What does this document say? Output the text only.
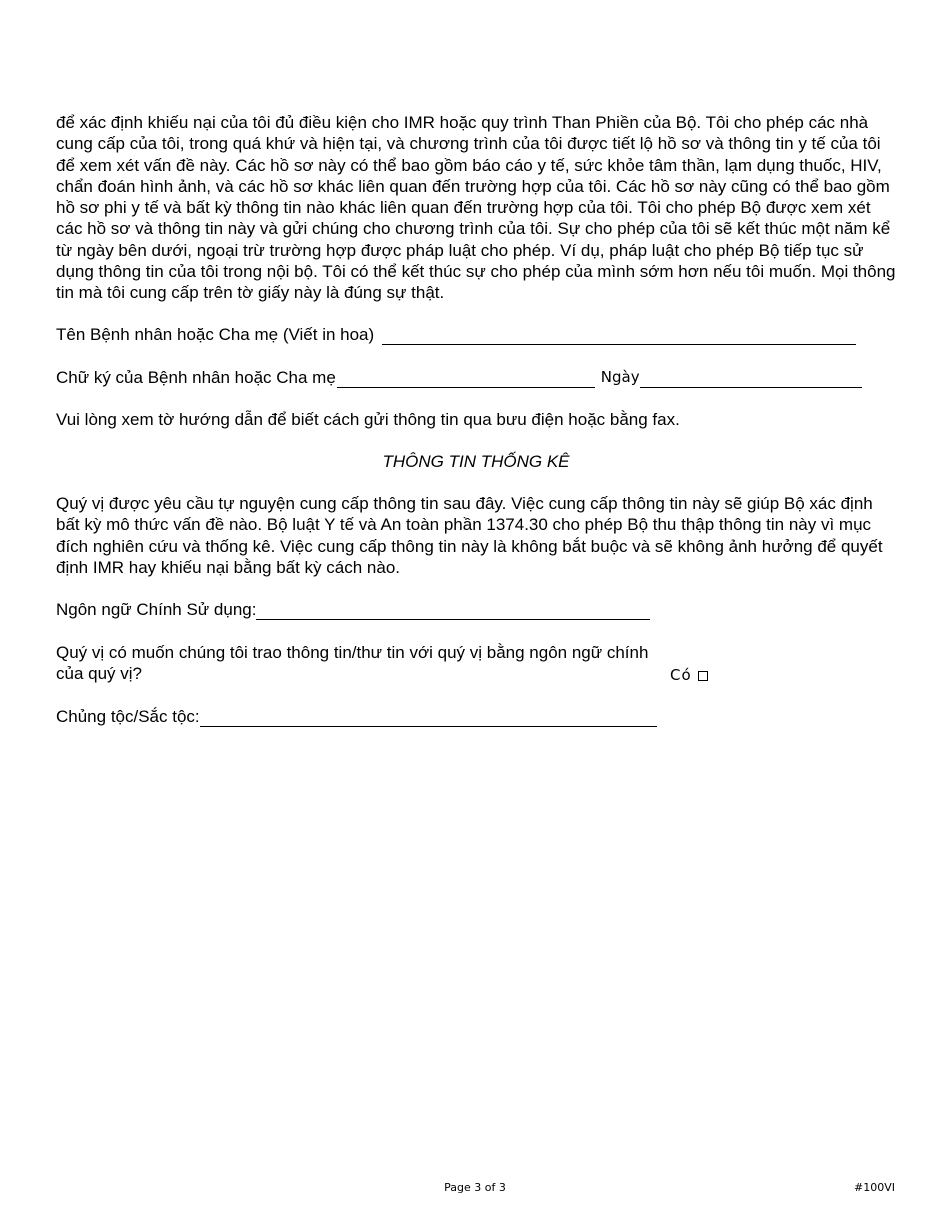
để xác định khiếu nại của tôi đủ điều kiện cho IMR hoặc quy trình Than Phiền của Bộ. Tôi cho phép các nhà cung cấp của tôi, trong quá khứ và hiện tại, và chương trình của tôi được tiết lộ hồ sơ và thông tin y tế của tôi để xem xét vấn đề này. Các hồ sơ này có thể bao gồm báo cáo y tế, sức khỏe tâm thần, lạm dụng thuốc, HIV, chẩn đoán hình ảnh, và các hồ sơ khác liên quan đến trường hợp của tôi. Các hồ sơ này cũng có thể bao gồm hồ sơ phi y tế và bất kỳ thông tin nào khác liên quan đến trường hợp của tôi. Tôi cho phép Bộ được xem xét các hồ sơ và thông tin này và gửi chúng cho chương trình của tôi. Sự cho phép của tôi sẽ kết thúc một năm kể từ ngày bên dưới, ngoại trừ trường hợp được pháp luật cho phép. Ví dụ, pháp luật cho phép Bộ tiếp tục sử dụng thông tin của tôi trong nội bộ. Tôi có thể kết thúc sự cho phép của mình sớm hơn nếu tôi muốn. Mọi thông tin mà tôi cung cấp trên tờ giấy này là đúng sự thật.

Tên Bệnh nhân hoặc Cha mẹ (Viết in hoa)
Chữ ký của Bệnh nhân hoặc Cha mẹ	Ngày

Vui lòng xem tờ hướng dẫn để biết cách gửi thông tin qua bưu điện hoặc bằng fax.

THÔNG TIN THỐNG KÊ

Quý vị được yêu cầu tự nguyện cung cấp thông tin sau đây. Việc cung cấp thông tin này sẽ giúp Bộ xác định bất kỳ mô thức vấn đề nào. Bộ luật Y tế và An toàn phần 1374.30 cho phép Bộ thu thập thông tin này vì mục đích nghiên cứu và thống kê. Việc cung cấp thông tin này là không bắt buộc và sẽ không ảnh hưởng để quyết định IMR hay khiếu nại bằng bất kỳ cách nào.

Ngôn ngữ Chính Sử dụng:
Quý vị có muốn chúng tôi trao thông tin/thư tin với quý vị bằng ngôn ngữ chính của quý vị?	Có
Chủng tộc/Sắc tộc:
Page 3 of 3	#100VI
